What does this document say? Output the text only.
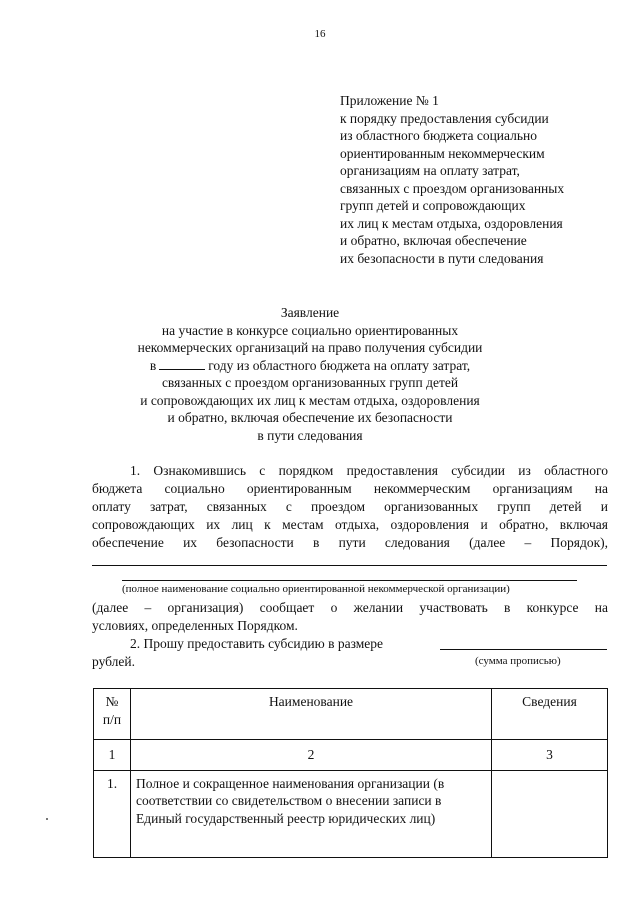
16
Приложение № 1
к порядку предоставления субсидии
из областного бюджета социально
ориентированным некоммерческим
организациям на оплату затрат,
связанных с проездом организованных
групп детей и сопровождающих
их лиц к местам отдыха, оздоровления
и обратно, включая обеспечение
их безопасности в пути следования
Заявление
на участие в конкурсе социально ориентированных
некоммерческих организаций на право получения субсидии
в	году из областного бюджета на оплату затрат,
связанных с проездом организованных групп детей
и сопровождающих их лиц к местам отдыха, оздоровления
и обратно, включая обеспечение их безопасности
в пути следования
1. Ознакомившись с порядком предоставления субсидии из областного
бюджета социально ориентированным некоммерческим организациям на
оплату затрат, связанных с проездом организованных групп детей и
сопровождающих их лиц к местам отдыха, оздоровления и обратно, включая
обеспечение их безопасности в пути следования (далее – Порядок),
(полное наименование социально ориентированной некоммерческой организации)
(далее – организация) сообщает о желании участвовать в конкурсе на
условиях, определенных Порядком.
2. Прошу предоставить субсидию в размере
рублей.	(сумма прописью)
№
п/п	Наименование	Сведения
1	2	3
1.	Полное и сокращенное наименования организации (в соответствии со свидетельством о внесении записи в Единый государственный реестр юридических лиц)	
